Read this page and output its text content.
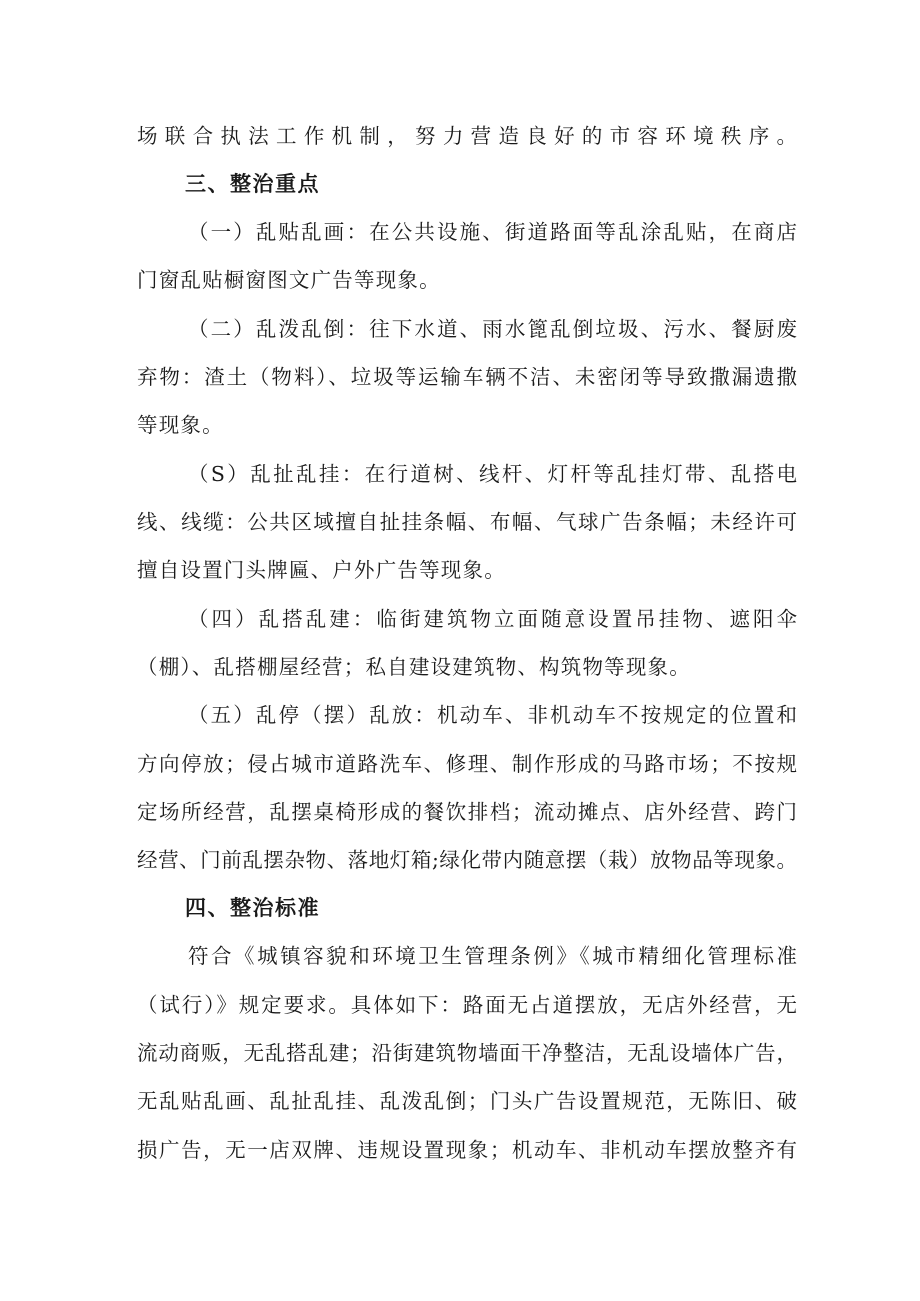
场联合执法工作机制，努力营造良好的市容环境秩序。
三、整治重点
（一）乱贴乱画：在公共设施、街道路面等乱涂乱贴，在商店
门窗乱贴橱窗图文广告等现象。
（二）乱泼乱倒：往下水道、雨水篦乱倒垃圾、污水、餐厨废
弃物：渣土（物料）、垃圾等运输车辆不洁、未密闭等导致撒漏遗撒
等现象。
（S）乱扯乱挂：在行道树、线杆、灯杆等乱挂灯带、乱搭电
线、线缆：公共区域擅自扯挂条幅、布幅、气球广告条幅；未经许可
擅自设置门头牌匾、户外广告等现象。
（四）乱搭乱建：临街建筑物立面随意设置吊挂物、遮阳伞
（棚）、乱搭棚屋经营；私自建设建筑物、构筑物等现象。
（五）乱停（摆）乱放：机动车、非机动车不按规定的位置和
方向停放；侵占城市道路洗车、修理、制作形成的马路市场；不按规
定场所经营，乱摆桌椅形成的餐饮排档；流动摊点、店外经营、跨门
经营、门前乱摆杂物、落地灯箱;绿化带内随意摆（栽）放物品等现象。
四、整治标准
符合《城镇容貌和环境卫生管理条例》《城市精细化管理标准
（试行）》规定要求。具体如下：路面无占道摆放，无店外经营，无
流动商贩，无乱搭乱建；沿街建筑物墙面干净整洁，无乱设墙体广告，
无乱贴乱画、乱扯乱挂、乱泼乱倒；门头广告设置规范，无陈旧、破
损广告，无一店双牌、违规设置现象；机动车、非机动车摆放整齐有
